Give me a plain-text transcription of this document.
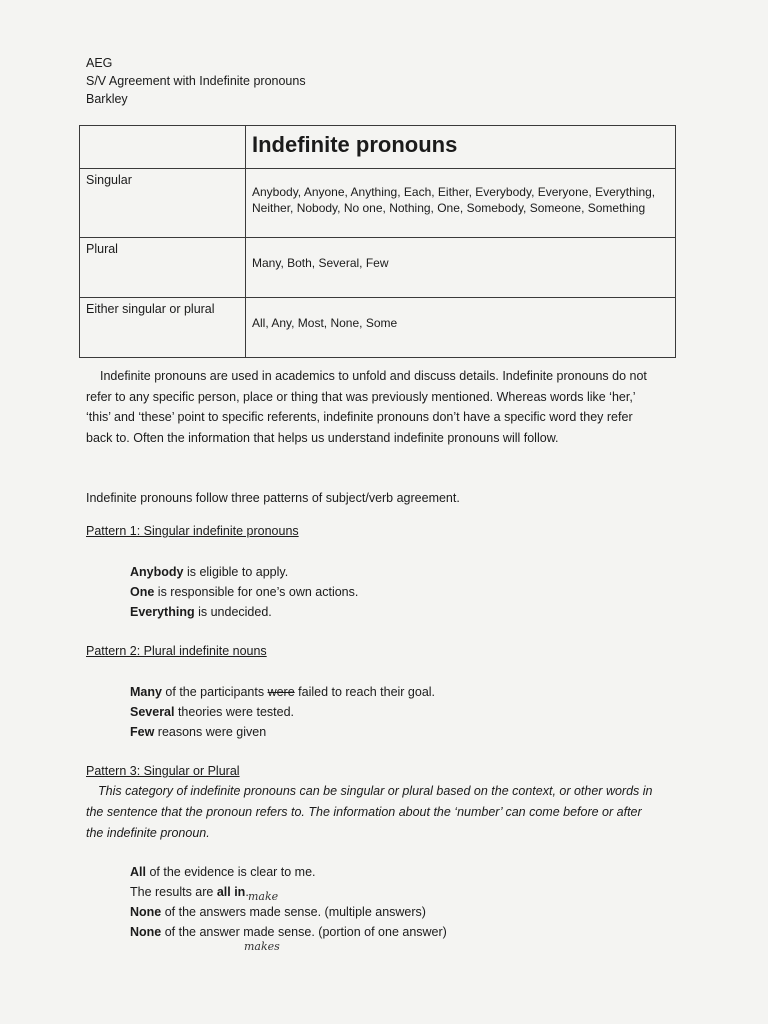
AEG
S/V Agreement with Indefinite pronouns
Barkley

	Indefinite pronouns

Singular	Anybody, Anyone, Anything, Each, Either, Everybody, Everyone, Everything, Neither, Nobody, No one, Nothing, One, Somebody, Someone, Something

Plural	Many, Both, Several, Few

Either singular or plural	All, Any, Most, None, Some
Indefinite pronouns are used in academics to unfold and discuss details. Indefinite pronouns do not
refer to any specific person, place or thing that was previously mentioned. Whereas words like ‘her,’
‘this’ and ‘these’ point to specific referents, indefinite pronouns don’t have a specific word they refer
back to. Often the information that helps us understand indefinite pronouns will follow.
Indefinite pronouns follow three patterns of subject/verb agreement.
Pattern 1: Singular indefinite pronouns
Anybody is eligible to apply.
One is responsible for one’s own actions.
Everything is undecided.
Pattern 2: Plural indefinite nouns
Many of the participants were failed to reach their goal.
Several theories were tested.
Few reasons were given
Pattern 3: Singular or Plural
This category of indefinite pronouns can be singular or plural based on the context, or other words in
the sentence that the pronoun refers to. The information about the ‘number’ can come before or after
the indefinite pronoun.
All of the evidence is clear to me.
The results are all in.
None of the answers made sense. (multiple answers)
None of the answer made sense. (portion of one answer)
make
makes
